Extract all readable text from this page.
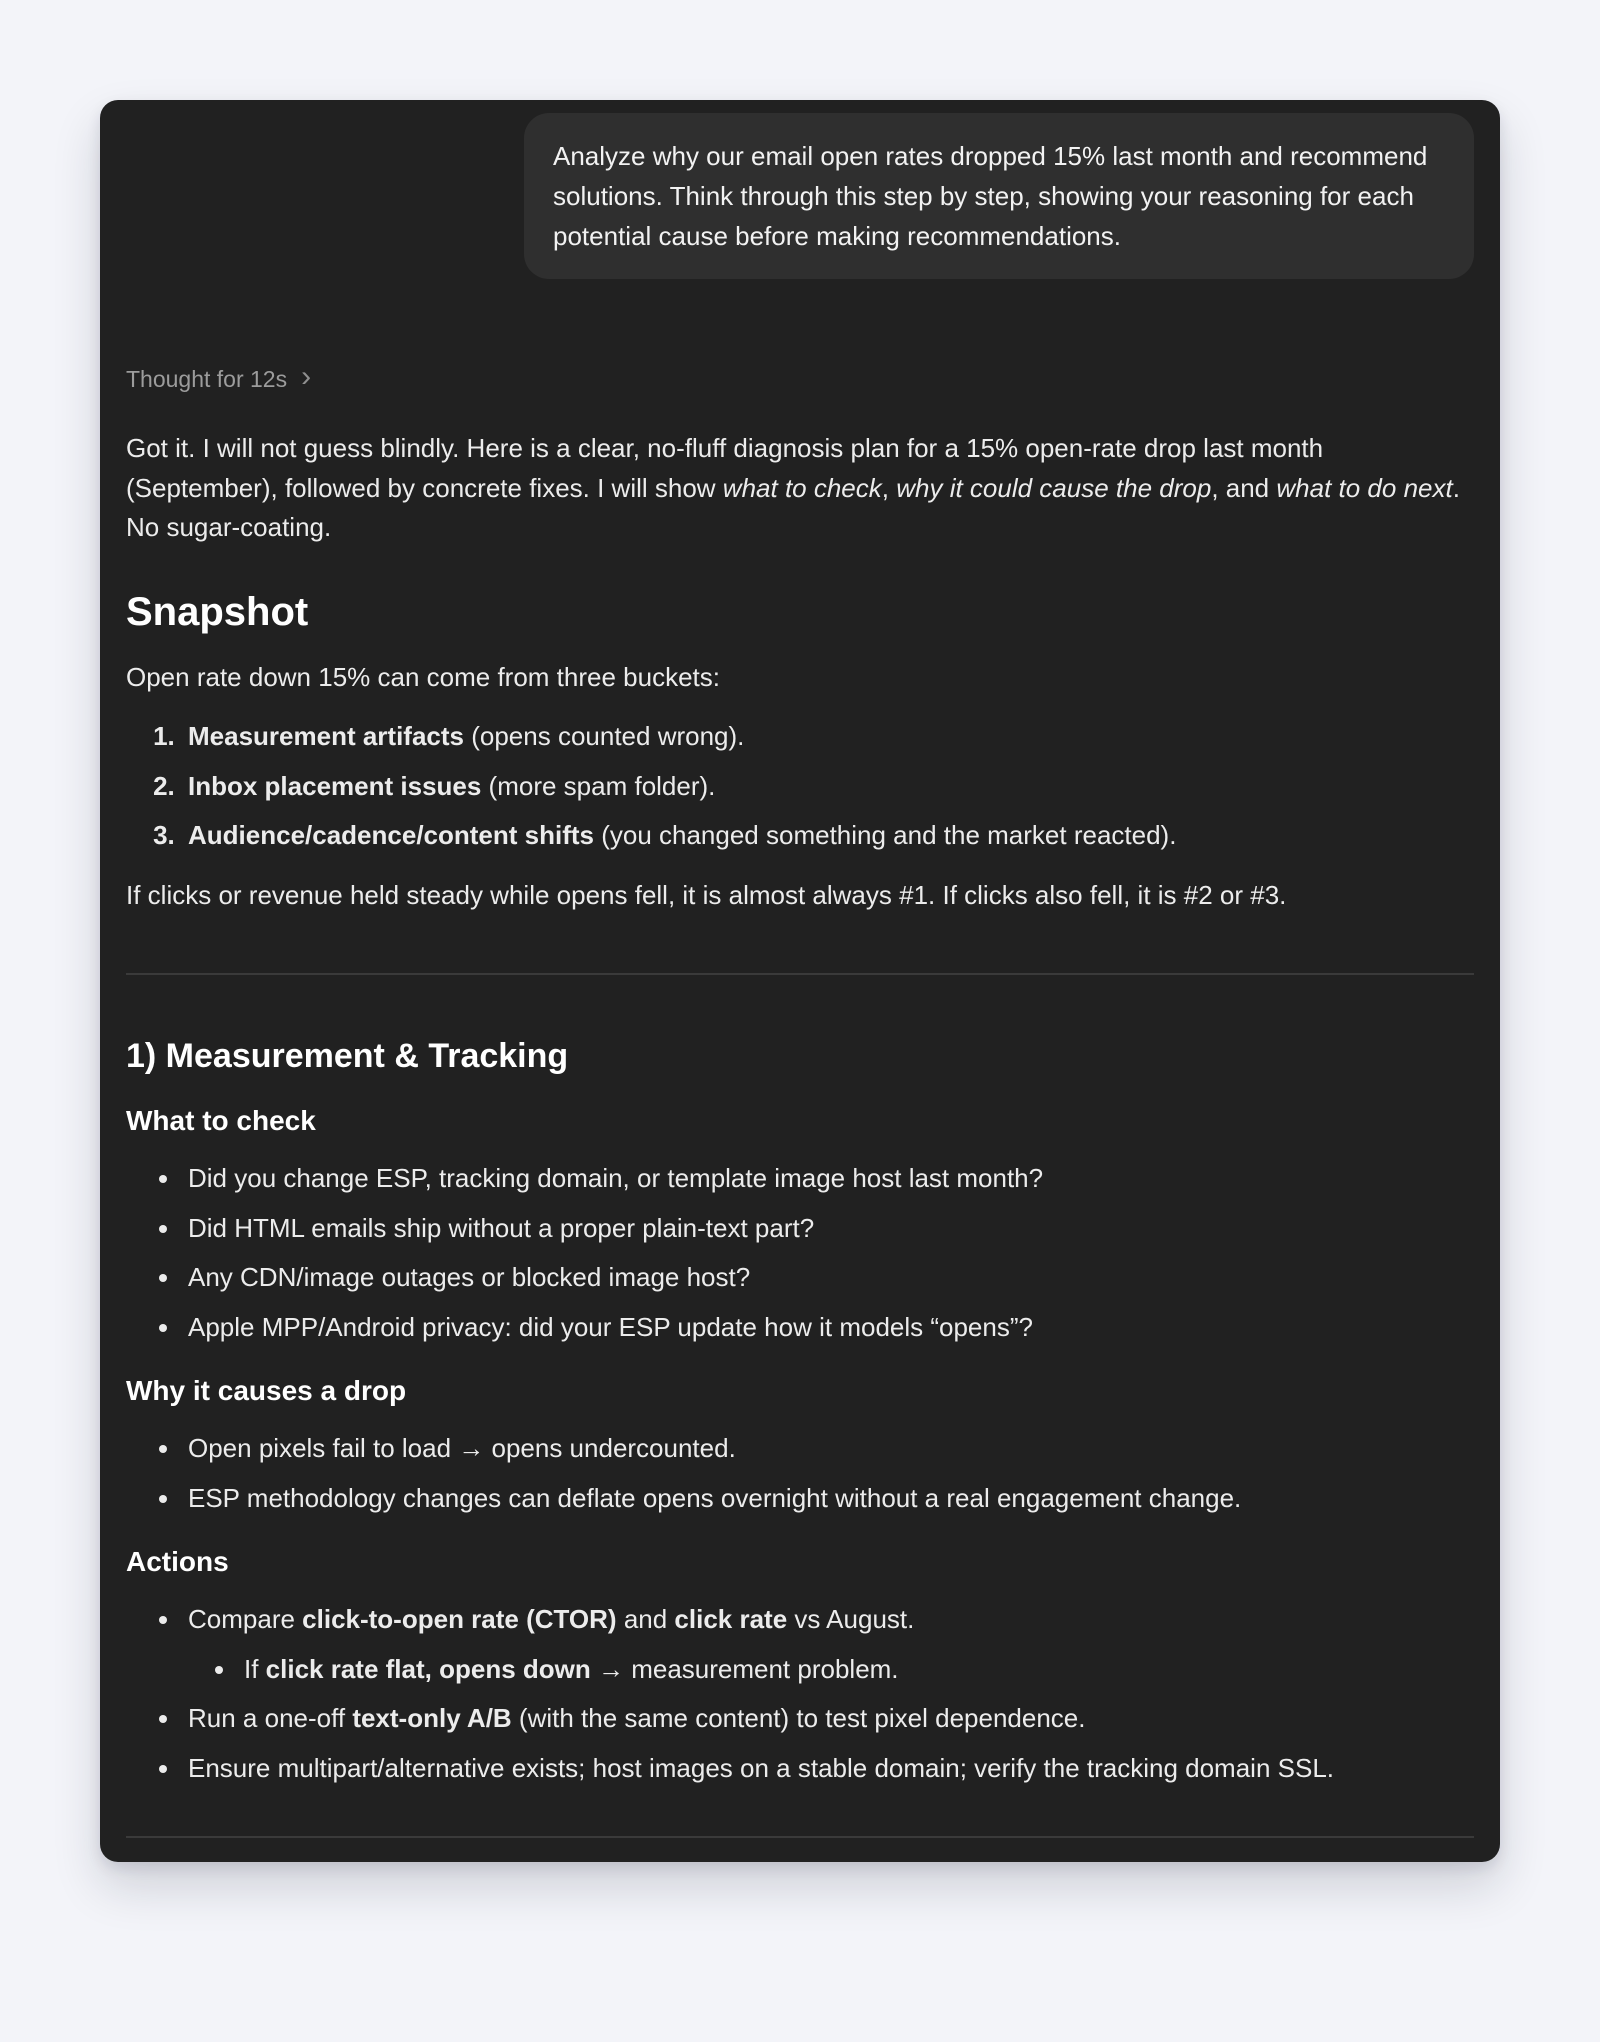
Analyze why our email open rates dropped 15% last month and recommend solutions. Think through this step by step, showing your reasoning for each potential cause before making recommendations.
Thought for 12s ›

Got it. I will not guess blindly. Here is a clear, no-fluff diagnosis plan for a 15% open-rate drop last month (September), followed by concrete fixes. I will show what to check, why it could cause the drop, and what to do next. No sugar-coating.

Snapshot

Open rate down 15% can come from three buckets:

1. Measurement artifacts (opens counted wrong).
2. Inbox placement issues (more spam folder).
3. Audience/cadence/content shifts (you changed something and the market reacted).

If clicks or revenue held steady while opens fell, it is almost always #1. If clicks also fell, it is #2 or #3.

1) Measurement & Tracking
What to check
• Did you change ESP, tracking domain, or template image host last month?
• Did HTML emails ship without a proper plain-text part?
• Any CDN/image outages or blocked image host?
• Apple MPP/Android privacy: did your ESP update how it models “opens”?
Why it causes a drop
• Open pixels fail to load → opens undercounted.
• ESP methodology changes can deflate opens overnight without a real engagement change.
Actions
• Compare click-to-open rate (CTOR) and click rate vs August.
• If click rate flat, opens down → measurement problem.
• Run a one-off text-only A/B (with the same content) to test pixel dependence.
• Ensure multipart/alternative exists; host images on a stable domain; verify the tracking domain SSL.
